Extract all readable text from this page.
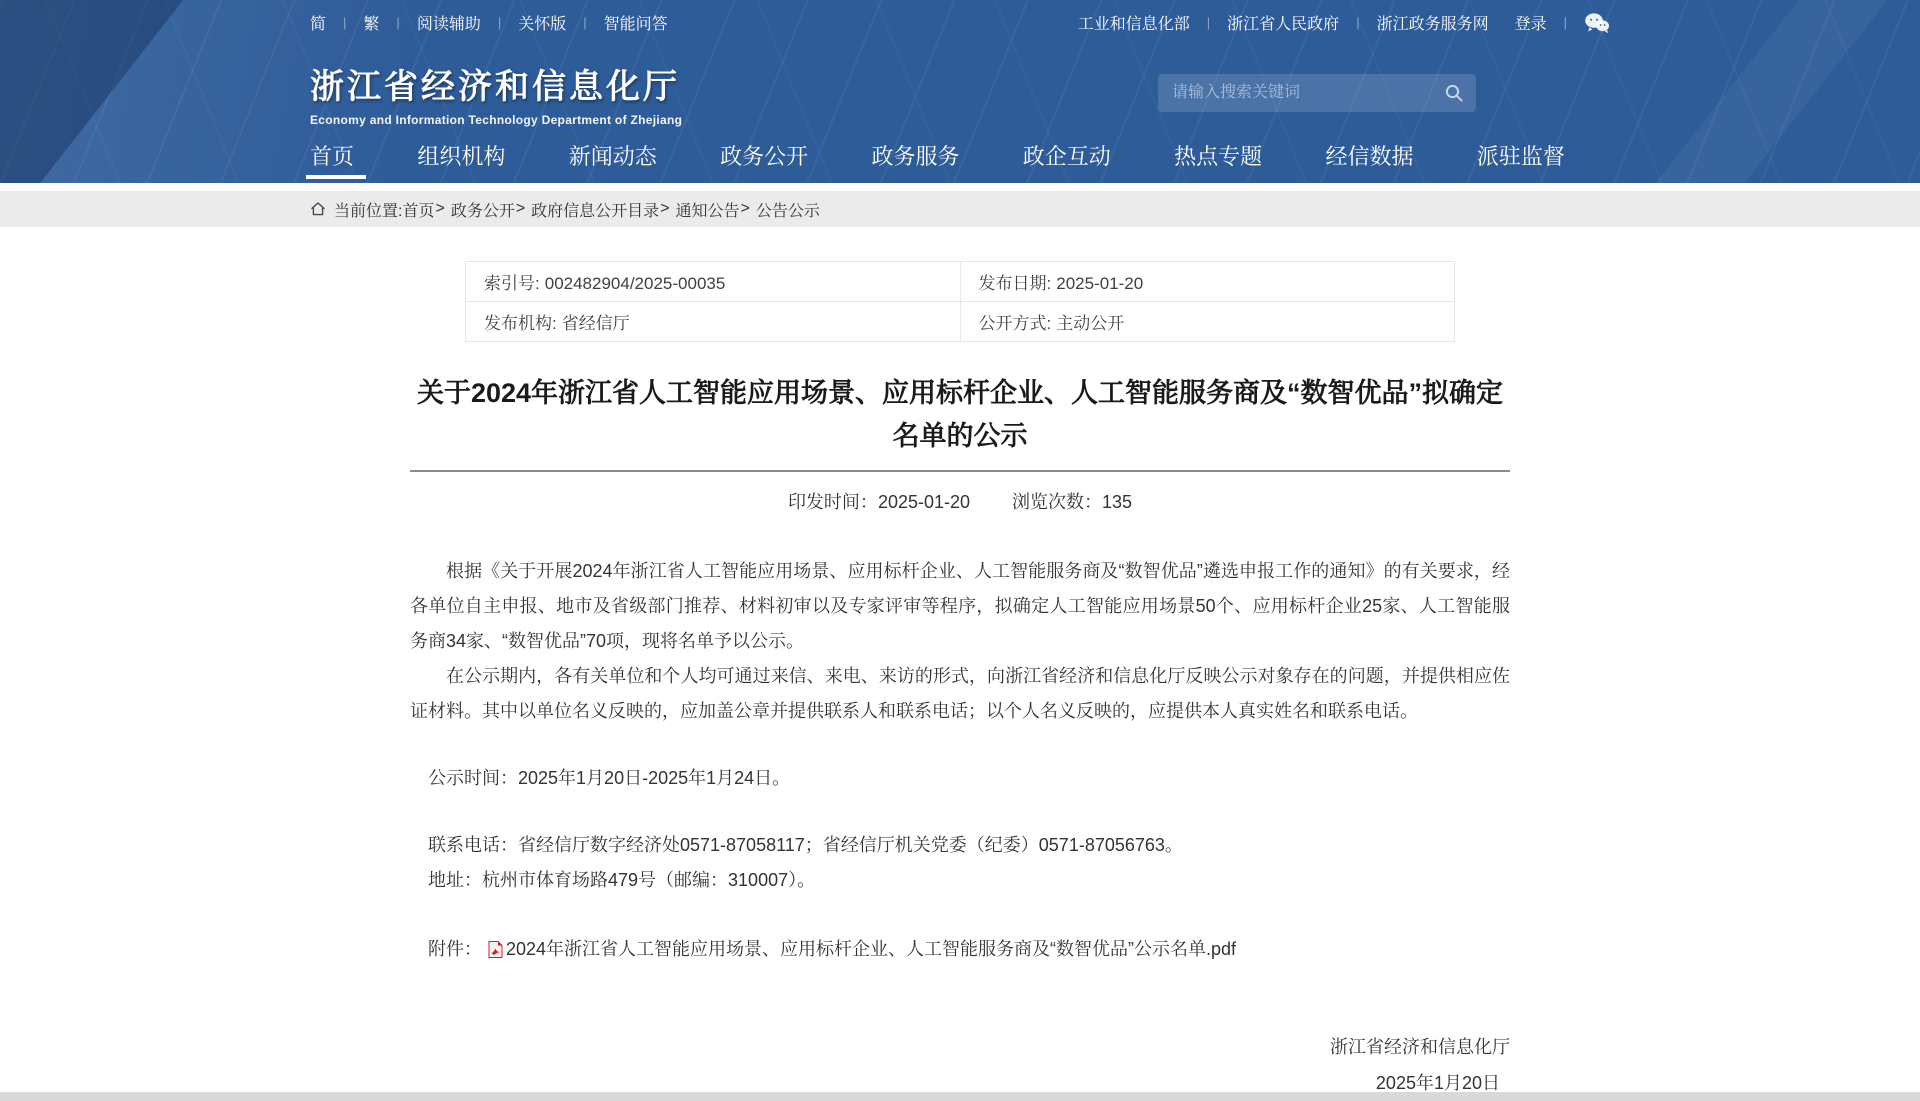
简 | 繁 | 阅读辅助 | 关怀版 | 智能问答	工业和信息化部 | 浙江省人民政府 | 浙江政务服务网 登录 |
浙江省经济和信息化厅
Economy and Information Technology Department of Zhejiang
请输入搜索关键词
首页	组织机构	新闻动态	政务公开	政务服务	政企互动	热点专题	经信数据	派驻监督
当前位置: 首页 > 政务公开 > 政府信息公开目录 > 通知公告 > 公告公示
索引号: 002482904/2025-00035	发布日期: 2025-01-20
发布机构: 省经信厅	公开方式: 主动公开
关于2024年浙江省人工智能应用场景、应用标杆企业、人工智能服务商及“数智优品”拟确定名单的公示
印发时间：2025-01-20 浏览次数：135

根据《关于开展2024年浙江省人工智能应用场景、应用标杆企业、人工智能服务商及“数智优品”遴选申报工作的通知》的有关要求，经各单位自主申报、地市及省级部门推荐、材料初审以及专家评审等程序，拟确定人工智能应用场景50个、应用标杆企业25家、人工智能服务商34家、“数智优品”70项，现将名单予以公示。

在公示期内，各有关单位和个人均可通过来信、来电、来访的形式，向浙江省经济和信息化厅反映公示对象存在的问题，并提供相应佐证材料。其中以单位名义反映的，应加盖公章并提供联系人和联系电话；以个人名义反映的，应提供本人真实姓名和联系电话。

公示时间：2025年1月20日-2025年1月24日。

联系电话：省经信厅数字经济处0571-87058117；省经信厅机关党委（纪委）0571-87056763。

地址：杭州市体育场路479号（邮编：310007）。

附件： 2024年浙江省人工智能应用场景、应用标杆企业、人工智能服务商及“数智优品”公示名单.pdf

浙江省经济和信息化厅
2025年1月20日
